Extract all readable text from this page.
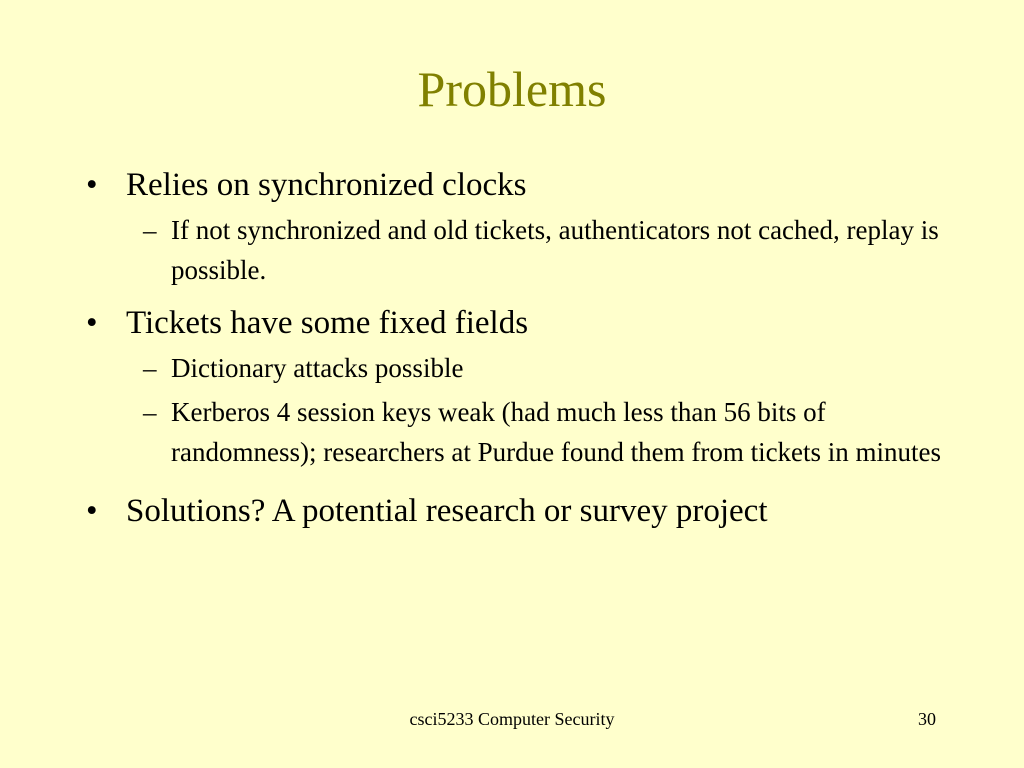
Problems
• Relies on synchronized clocks
– If not synchronized and old tickets, authenticators not cached, replay is possible.
• Tickets have some fixed fields
– Dictionary attacks possible
– Kerberos 4 session keys weak (had much less than 56 bits of randomness); researchers at Purdue found them from tickets in minutes
• Solutions? A potential research or survey project
csci5233 Computer Security	30
